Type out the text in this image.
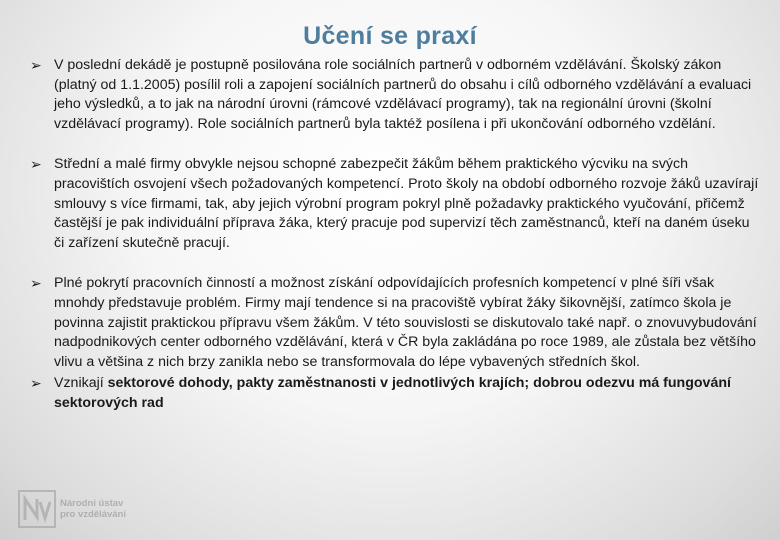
Učení se praxí
➢ V poslední dekádě je postupně posilována role sociálních partnerů v odborném vzdělávání. Školský zákon (platný od 1.1.2005) posílil roli a zapojení sociálních partnerů do obsahu i cílů odborného vzdělávání a evaluaci jeho výsledků, a to jak na národní úrovni (rámcové vzdělávací programy), tak na regionální úrovni (školní vzdělávací programy). Role sociálních partnerů byla taktéž posílena i při ukončování odborného vzdělání.
➢ Střední a malé firmy obvykle nejsou schopné zabezpečit žákům během praktického výcviku na svých pracovištích osvojení všech požadovaných kompetencí. Proto školy na období odborného rozvoje žáků uzavírají smlouvy s více firmami, tak, aby jejich výrobní program pokryl plně požadavky praktického vyučování, přičemž častější je pak individuální příprava žáka, který pracuje pod supervizí těch zaměstnanců, kteří na daném úseku či zařízení skutečně pracují.
➢ Plné pokrytí pracovních činností a možnost získání odpovídajících profesních kompetencí v plné šíři však mnohdy představuje problém. Firmy mají tendence si na pracoviště vybírat žáky šikovnější, zatímco škola je povinna zajistit praktickou přípravu všem žákům. V této souvislosti se diskutovalo také např. o znovuvybudování nadpodnikových center odborného vzdělávání, která v ČR byla zakládána po roce 1989, ale zůstala bez většího vlivu a většina z nich brzy zanikla nebo se transformovala do lépe vybavených středních škol.
➢ Vznikají sektorové dohody, pakty zaměstnanosti v jednotlivých krajích; dobrou odezvu má fungování sektorových rad
Národní ústav
pro vzdělávání
